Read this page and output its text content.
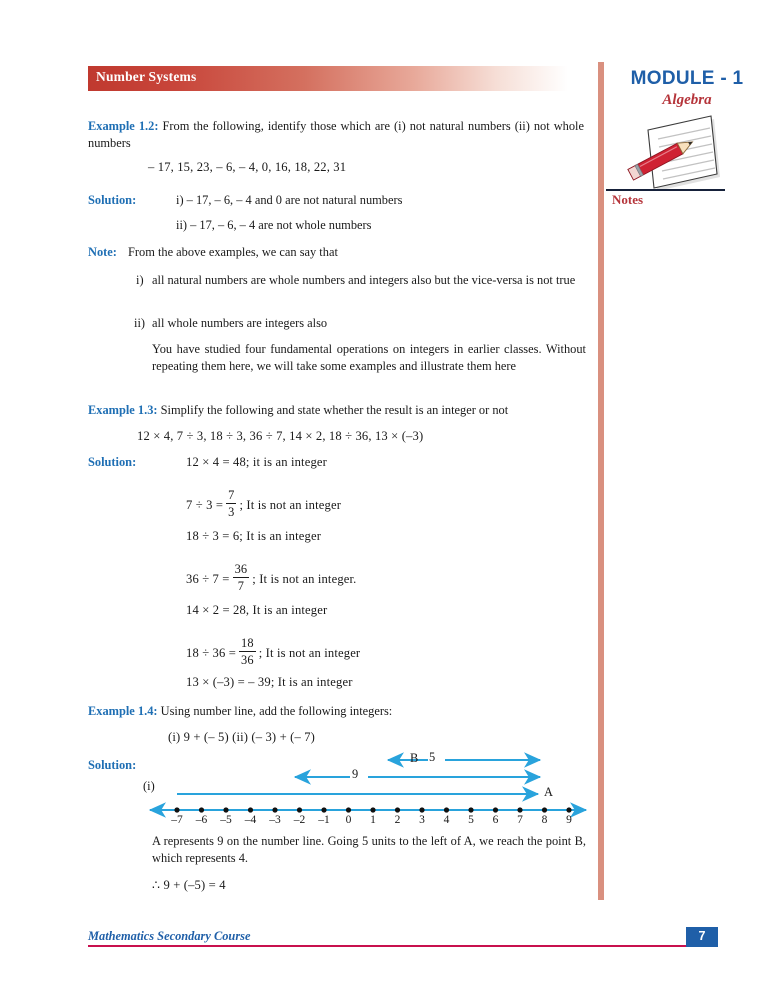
Number Systems	MODULE - 1
Algebra
Notes
Example 1.2: From the following, identify those which are (i) not natural numbers (ii) not whole numbers
– 17, 15, 23, – 6, – 4, 0, 16, 18, 22, 31
Solution:	i) – 17, – 6, – 4 and 0 are not natural numbers
ii) – 17, – 6, – 4 are not whole numbers
Note: From the above examples, we can say that
i) all natural numbers are whole numbers and integers also but the vice-versa is not true
ii) all whole numbers are integers also
You have studied four fundamental operations on integers in earlier classes. Without repeating them here, we will take some examples and illustrate them here
Example 1.3: Simplify the following and state whether the result is an integer or not
12 × 4, 7 ÷ 3, 18 ÷ 3, 36 ÷ 7, 14 × 2, 18 ÷ 36, 13 × (–3)
Solution:	12 × 4 = 48; it is an integer
$7 \div 3 = \frac{7}{3}$ ; It is not an integer
18 ÷ 3 = 6; It is an integer
$36 \div 7 = \frac{36}{7}$ ; It is not an integer.
14 × 2 = 28, It is an integer
$18 \div 36 = \frac{18}{36}$ ; It is not an integer
13 × (–3) = – 39; It is an integer
Example 1.4: Using number line, add the following integers:
(i) 9 + (– 5) (ii) (– 3) + (– 7)
Solution:
(i)
–7 –6 –5 –4 –3 –2 –1	0	1	2	3	4	5	6	7	8	9
B 5
9
A
A represents 9 on the number line. Going 5 units to the left of A, we reach the point B, which represents 4.
∴ 9 + (–5) = 4
Mathematics Secondary Course	7
